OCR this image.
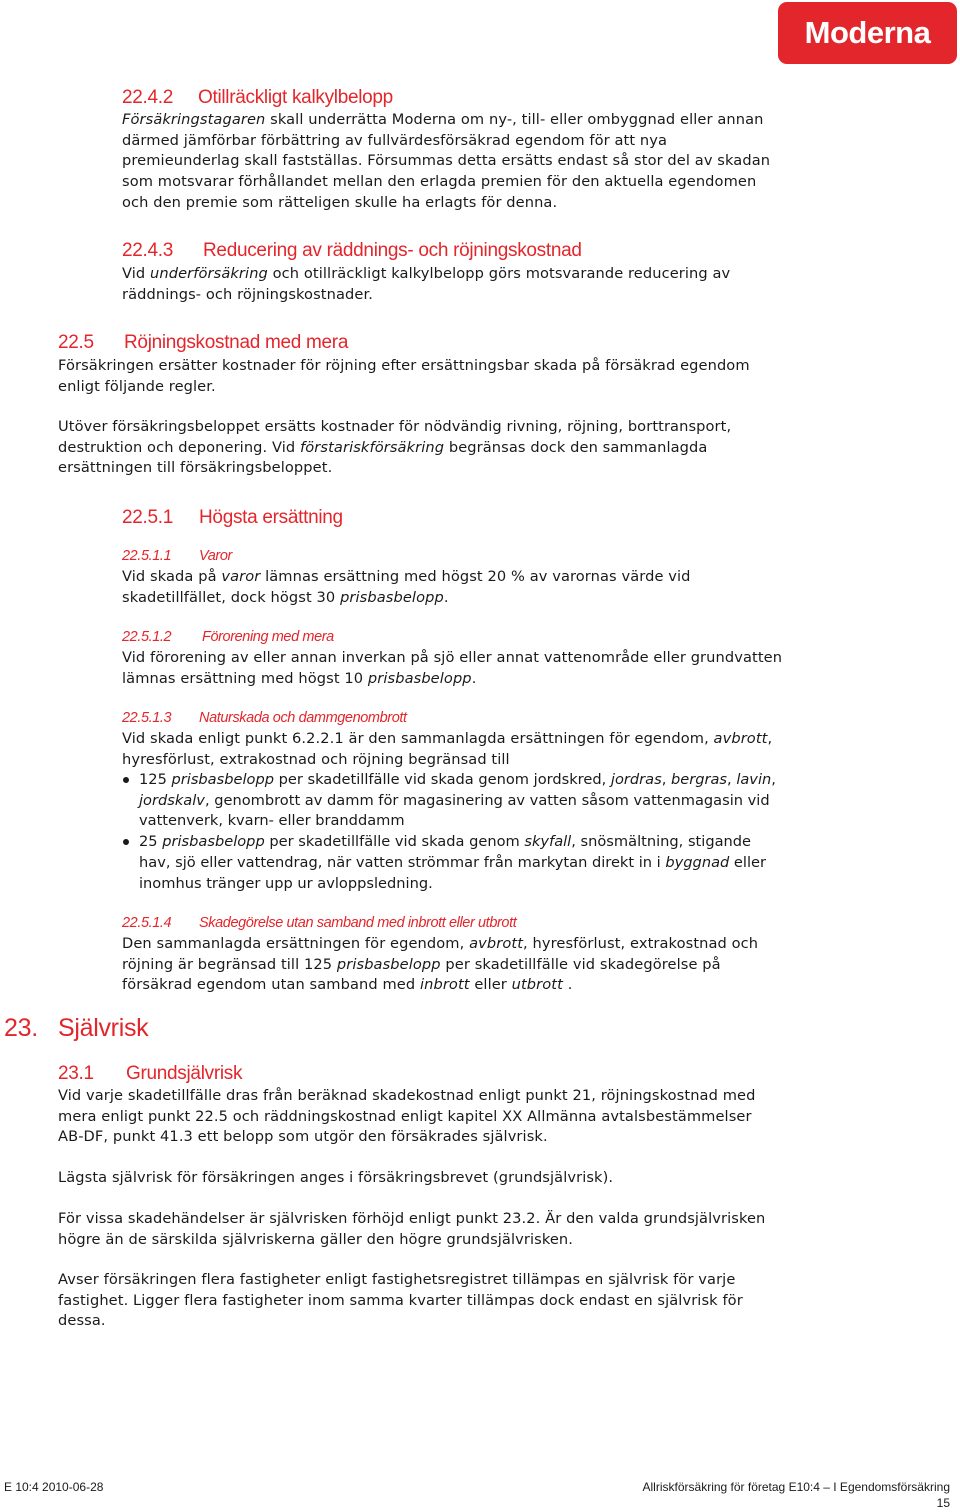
Moderna
22.4.2 Otillräckligt kalkylbelopp
Försäkringstagaren skall underrätta Moderna om ny-, till- eller ombyggnad eller annan
därmed jämförbar förbättring av fullvärdesförsäkrad egendom för att nya
premieunderlag skall fastställas. Försummas detta ersätts endast så stor del av skadan
som motsvarar förhållandet mellan den erlagda premien för den aktuella egendomen
och den premie som rätteligen skulle ha erlagts för denna.
22.4.3 Reducering av räddnings- och röjningskostnad
Vid underförsäkring och otillräckligt kalkylbelopp görs motsvarande reducering av
räddnings- och röjningskostnader.
22.5 Röjningskostnad med mera
Försäkringen ersätter kostnader för röjning efter ersättningsbar skada på försäkrad egendom
enligt följande regler.
Utöver försäkringsbeloppet ersätts kostnader för nödvändig rivning, röjning, borttransport,
destruktion och deponering. Vid förstariskförsäkring begränsas dock den sammanlagda
ersättningen till försäkringsbeloppet.
22.5.1 Högsta ersättning
22.5.1.1 Varor
Vid skada på varor lämnas ersättning med högst 20 % av varornas värde vid
skadetillfället, dock högst 30 prisbasbelopp.
22.5.1.2 Förorening med mera
Vid förorening av eller annan inverkan på sjö eller annat vattenområde eller grundvatten
lämnas ersättning med högst 10 prisbasbelopp.
22.5.1.3 Naturskada och dammgenombrott
Vid skada enligt punkt 6.2.2.1 är den sammanlagda ersättningen för egendom, avbrott,
hyresförlust, extrakostnad och röjning begränsad till
125 prisbasbelopp per skadetillfälle vid skada genom jordskred, jordras, bergras, lavin,
jordskalv, genombrott av damm för magasinering av vatten såsom vattenmagasin vid
vattenverk, kvarn- eller branddamm
25 prisbasbelopp per skadetillfälle vid skada genom skyfall, snösmältning, stigande
hav, sjö eller vattendrag, när vatten strömmar från markytan direkt in i byggnad eller
inomhus tränger upp ur avloppsledning.
22.5.1.4 Skadegörelse utan samband med inbrott eller utbrott
Den sammanlagda ersättningen för egendom, avbrott, hyresförlust, extrakostnad och
röjning är begränsad till 125 prisbasbelopp per skadetillfälle vid skadegörelse på
försäkrad egendom utan samband med inbrott eller utbrott .
23. Självrisk
23.1 Grundsjälvrisk
Vid varje skadetillfälle dras från beräknad skadekostnad enligt punkt 21, röjningskostnad med
mera enligt punkt 22.5 och räddningskostnad enligt kapitel XX Allmänna avtalsbestämmelser
AB-DF, punkt 41.3 ett belopp som utgör den försäkrades självrisk.
Lägsta självrisk för försäkringen anges i försäkringsbrevet (grundsjälvrisk).
För vissa skadehändelser är självrisken förhöjd enligt punkt 23.2. Är den valda grundsjälvrisken
högre än de särskilda självriskerna gäller den högre grundsjälvrisken.
Avser försäkringen flera fastigheter enligt fastighetsregistret tillämpas en självrisk för varje
fastighet. Ligger flera fastigheter inom samma kvarter tillämpas dock endast en självrisk för
dessa.
E 10:4 2010-06-28	Allriskförsäkring för företag E10:4 – I Egendomsförsäkring
15
